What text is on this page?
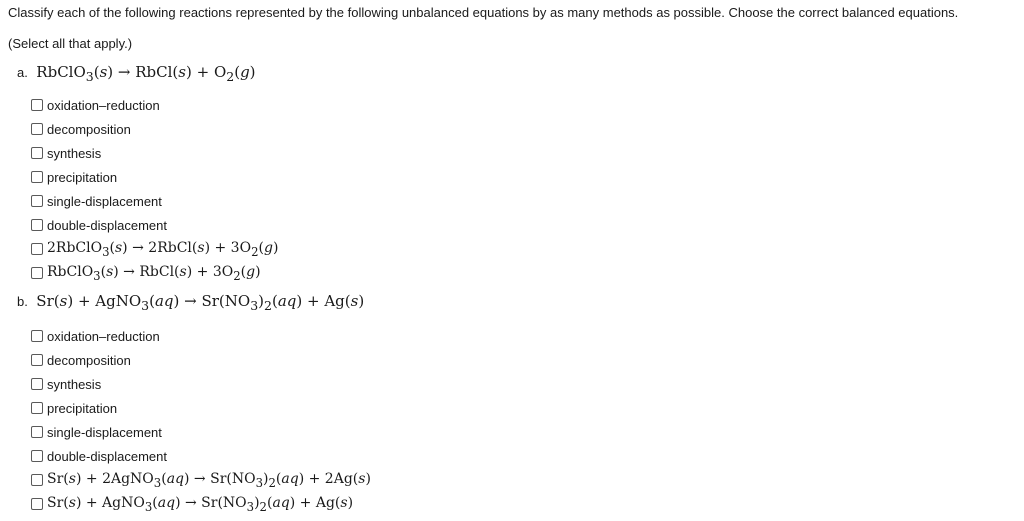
Classify each of the following reactions represented by the following unbalanced equations by as many methods as possible. Choose the correct balanced equations.
(Select all that apply.)
a. RbClO$_3$(s) → RbCl(s) + $O_2(g)$
oxidation–reduction
decomposition
synthesis
precipitation
single-displacement
double-displacement
2RbClO$_3$(s) → 2RbCl(s) + $3O_2(g)$
RbClO$_3$(s) → RbCl(s) + $3O_2(g)$
b. Sr(s) + AgNO$_3$(aq) → $Sr(NO_3)_2(aq) + Ag(s)$
oxidation–reduction
decomposition
synthesis
precipitation
single-displacement
double-displacement
Sr(s) + 2AgNO$_3$(aq) → $Sr(NO_3)_2(aq) + 2Ag(s)$
Sr(s) + AgNO$_3$(aq) → $Sr(NO_3)_2(aq) + Ag(s)$
